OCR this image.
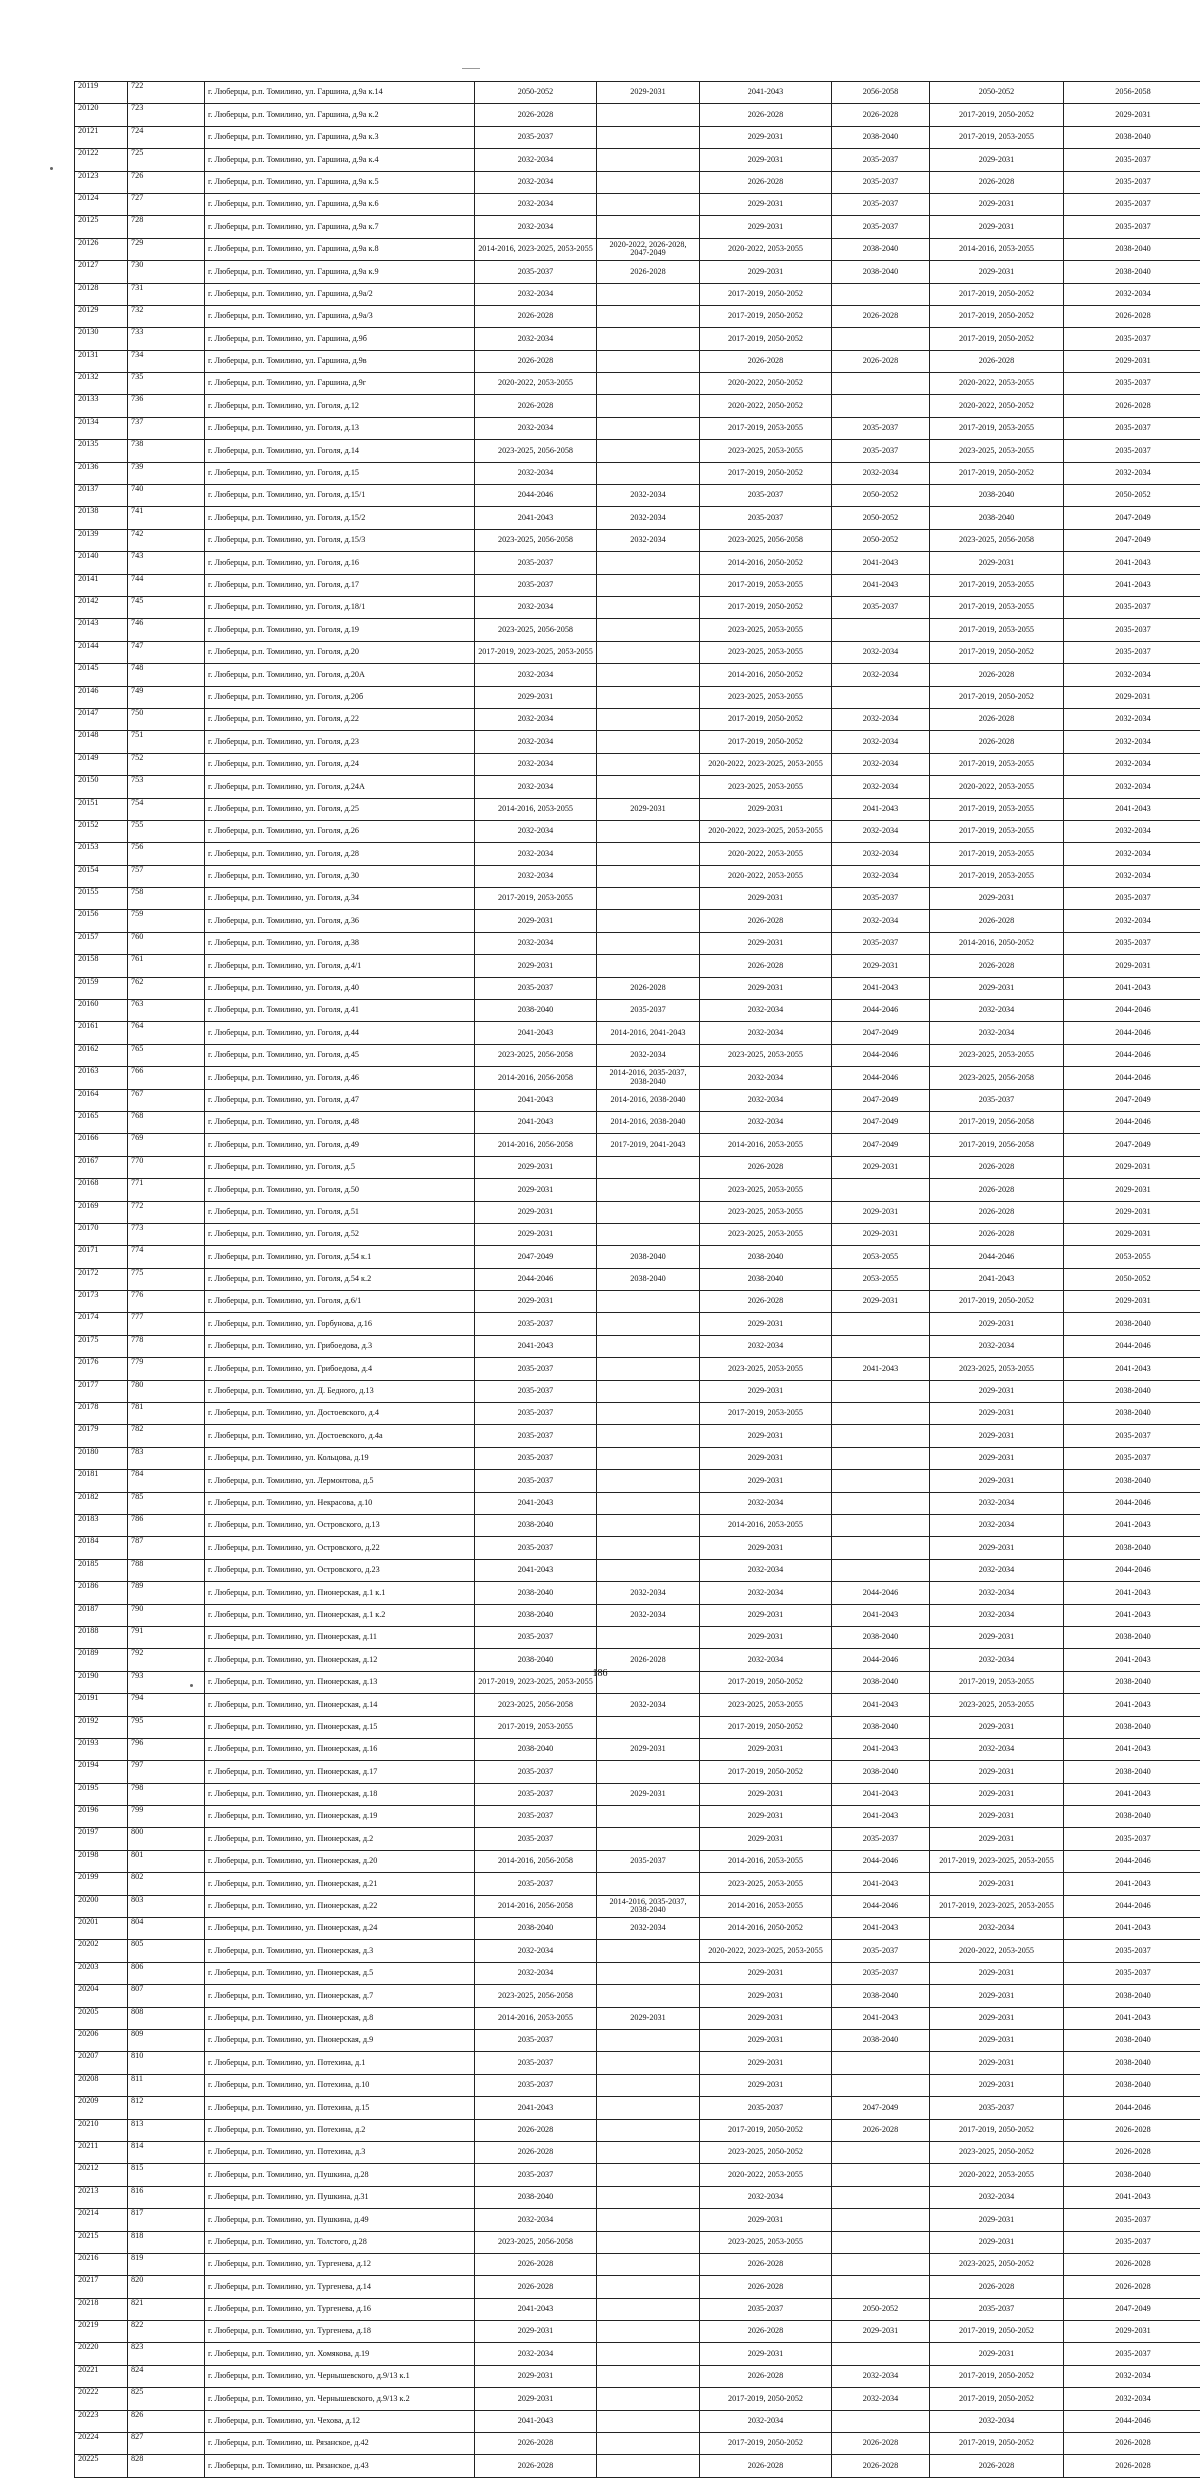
20119	722	г. Люберцы, р.п. Томилино, ул. Гаршина, д.9а к.14	2050-2052	2029-2031	2041-2043	2056-2058	2050-2052	2056-2058
20120	723	г. Люберцы, р.п. Томилино, ул. Гаршина, д.9а к.2	2026-2028		2026-2028	2026-2028	2017-2019, 2050-2052	2029-2031
20121	724	г. Люберцы, р.п. Томилино, ул. Гаршина, д.9а к.3	2035-2037		2029-2031	2038-2040	2017-2019, 2053-2055	2038-2040
20122	725	г. Люберцы, р.п. Томилино, ул. Гаршина, д.9а к.4	2032-2034		2029-2031	2035-2037	2029-2031	2035-2037
20123	726	г. Люберцы, р.п. Томилино, ул. Гаршина, д.9а к.5	2032-2034		2026-2028	2035-2037	2026-2028	2035-2037
20124	727	г. Люберцы, р.п. Томилино, ул. Гаршина, д.9а к.6	2032-2034		2029-2031	2035-2037	2029-2031	2035-2037
20125	728	г. Люберцы, р.п. Томилино, ул. Гаршина, д.9а к.7	2032-2034		2029-2031	2035-2037	2029-2031	2035-2037
20126	729	г. Люберцы, р.п. Томилино, ул. Гаршина, д.9а к.8	2014-2016, 2023-2025, 2053-2055	2020-2022, 2026-2028, 2047-2049	2020-2022, 2053-2055	2038-2040	2014-2016, 2053-2055	2038-2040
20127	730	г. Люберцы, р.п. Томилино, ул. Гаршина, д.9а к.9	2035-2037	2026-2028	2029-2031	2038-2040	2029-2031	2038-2040
20128	731	г. Люберцы, р.п. Томилино, ул. Гаршина, д.9а/2	2032-2034		2017-2019, 2050-2052		2017-2019, 2050-2052	2032-2034
20129	732	г. Люберцы, р.п. Томилино, ул. Гаршина, д.9а/3	2026-2028		2017-2019, 2050-2052	2026-2028	2017-2019, 2050-2052	2026-2028
20130	733	г. Люберцы, р.п. Томилино, ул. Гаршина, д.9б	2032-2034		2017-2019, 2050-2052		2017-2019, 2050-2052	2035-2037
20131	734	г. Люберцы, р.п. Томилино, ул. Гаршина, д.9в	2026-2028		2026-2028	2026-2028	2026-2028	2029-2031
20132	735	г. Люберцы, р.п. Томилино, ул. Гаршина, д.9г	2020-2022, 2053-2055		2020-2022, 2050-2052		2020-2022, 2053-2055	2035-2037
20133	736	г. Люберцы, р.п. Томилино, ул. Гоголя, д.12	2026-2028		2020-2022, 2050-2052		2020-2022, 2050-2052	2026-2028
20134	737	г. Люберцы, р.п. Томилино, ул. Гоголя, д.13	2032-2034		2017-2019, 2053-2055	2035-2037	2017-2019, 2053-2055	2035-2037
20135	738	г. Люберцы, р.п. Томилино, ул. Гоголя, д.14	2023-2025, 2056-2058		2023-2025, 2053-2055	2035-2037	2023-2025, 2053-2055	2035-2037
20136	739	г. Люберцы, р.п. Томилино, ул. Гоголя, д.15	2032-2034		2017-2019, 2050-2052	2032-2034	2017-2019, 2050-2052	2032-2034
20137	740	г. Люберцы, р.п. Томилино, ул. Гоголя, д.15/1	2044-2046	2032-2034	2035-2037	2050-2052	2038-2040	2050-2052
20138	741	г. Люберцы, р.п. Томилино, ул. Гоголя, д.15/2	2041-2043	2032-2034	2035-2037	2050-2052	2038-2040	2047-2049
20139	742	г. Люберцы, р.п. Томилино, ул. Гоголя, д.15/3	2023-2025, 2056-2058	2032-2034	2023-2025, 2056-2058	2050-2052	2023-2025, 2056-2058	2047-2049
20140	743	г. Люберцы, р.п. Томилино, ул. Гоголя, д.16	2035-2037		2014-2016, 2050-2052	2041-2043	2029-2031	2041-2043
20141	744	г. Люберцы, р.п. Томилино, ул. Гоголя, д.17	2035-2037		2017-2019, 2053-2055	2041-2043	2017-2019, 2053-2055	2041-2043
20142	745	г. Люберцы, р.п. Томилино, ул. Гоголя, д.18/1	2032-2034		2017-2019, 2050-2052	2035-2037	2017-2019, 2053-2055	2035-2037
20143	746	г. Люберцы, р.п. Томилино, ул. Гоголя, д.19	2023-2025, 2056-2058		2023-2025, 2053-2055		2017-2019, 2053-2055	2035-2037
20144	747	г. Люберцы, р.п. Томилино, ул. Гоголя, д.20	2017-2019, 2023-2025, 2053-2055		2023-2025, 2053-2055	2032-2034	2017-2019, 2050-2052	2035-2037
20145	748	г. Люберцы, р.п. Томилино, ул. Гоголя, д.20А	2032-2034		2014-2016, 2050-2052	2032-2034	2026-2028	2032-2034
20146	749	г. Люберцы, р.п. Томилино, ул. Гоголя, д.20б	2029-2031		2023-2025, 2053-2055		2017-2019, 2050-2052	2029-2031
20147	750	г. Люберцы, р.п. Томилино, ул. Гоголя, д.22	2032-2034		2017-2019, 2050-2052	2032-2034	2026-2028	2032-2034
20148	751	г. Люберцы, р.п. Томилино, ул. Гоголя, д.23	2032-2034		2017-2019, 2050-2052	2032-2034	2026-2028	2032-2034
20149	752	г. Люберцы, р.п. Томилино, ул. Гоголя, д.24	2032-2034		2020-2022, 2023-2025, 2053-2055	2032-2034	2017-2019, 2053-2055	2032-2034
20150	753	г. Люберцы, р.п. Томилино, ул. Гоголя, д.24А	2032-2034		2023-2025, 2053-2055	2032-2034	2020-2022, 2053-2055	2032-2034
20151	754	г. Люберцы, р.п. Томилино, ул. Гоголя, д.25	2014-2016, 2053-2055	2029-2031	2029-2031	2041-2043	2017-2019, 2053-2055	2041-2043
20152	755	г. Люберцы, р.п. Томилино, ул. Гоголя, д.26	2032-2034		2020-2022, 2023-2025, 2053-2055	2032-2034	2017-2019, 2053-2055	2032-2034
20153	756	г. Люберцы, р.п. Томилино, ул. Гоголя, д.28	2032-2034		2020-2022, 2053-2055	2032-2034	2017-2019, 2053-2055	2032-2034
20154	757	г. Люберцы, р.п. Томилино, ул. Гоголя, д.30	2032-2034		2020-2022, 2053-2055	2032-2034	2017-2019, 2053-2055	2032-2034
20155	758	г. Люберцы, р.п. Томилино, ул. Гоголя, д.34	2017-2019, 2053-2055		2029-2031	2035-2037	2029-2031	2035-2037
20156	759	г. Люберцы, р.п. Томилино, ул. Гоголя, д.36	2029-2031		2026-2028	2032-2034	2026-2028	2032-2034
20157	760	г. Люберцы, р.п. Томилино, ул. Гоголя, д.38	2032-2034		2029-2031	2035-2037	2014-2016, 2050-2052	2035-2037
20158	761	г. Люберцы, р.п. Томилино, ул. Гоголя, д.4/1	2029-2031		2026-2028	2029-2031	2026-2028	2029-2031
20159	762	г. Люберцы, р.п. Томилино, ул. Гоголя, д.40	2035-2037	2026-2028	2029-2031	2041-2043	2029-2031	2041-2043
20160	763	г. Люберцы, р.п. Томилино, ул. Гоголя, д.41	2038-2040	2035-2037	2032-2034	2044-2046	2032-2034	2044-2046
20161	764	г. Люберцы, р.п. Томилино, ул. Гоголя, д.44	2041-2043	2014-2016, 2041-2043	2032-2034	2047-2049	2032-2034	2044-2046
20162	765	г. Люберцы, р.п. Томилино, ул. Гоголя, д.45	2023-2025, 2056-2058	2032-2034	2023-2025, 2053-2055	2044-2046	2023-2025, 2053-2055	2044-2046
20163	766	г. Люберцы, р.п. Томилино, ул. Гоголя, д.46	2014-2016, 2056-2058	2014-2016, 2035-2037, 2038-2040	2032-2034	2044-2046	2023-2025, 2056-2058	2044-2046
20164	767	г. Люберцы, р.п. Томилино, ул. Гоголя, д.47	2041-2043	2014-2016, 2038-2040	2032-2034	2047-2049	2035-2037	2047-2049
20165	768	г. Люберцы, р.п. Томилино, ул. Гоголя, д.48	2041-2043	2014-2016, 2038-2040	2032-2034	2047-2049	2017-2019, 2056-2058	2044-2046
20166	769	г. Люберцы, р.п. Томилино, ул. Гоголя, д.49	2014-2016, 2056-2058	2017-2019, 2041-2043	2014-2016, 2053-2055	2047-2049	2017-2019, 2056-2058	2047-2049
20167	770	г. Люберцы, р.п. Томилино, ул. Гоголя, д.5	2029-2031		2026-2028	2029-2031	2026-2028	2029-2031
20168	771	г. Люберцы, р.п. Томилино, ул. Гоголя, д.50	2029-2031		2023-2025, 2053-2055		2026-2028	2029-2031
20169	772	г. Люберцы, р.п. Томилино, ул. Гоголя, д.51	2029-2031		2023-2025, 2053-2055	2029-2031	2026-2028	2029-2031
20170	773	г. Люберцы, р.п. Томилино, ул. Гоголя, д.52	2029-2031		2023-2025, 2053-2055	2029-2031	2026-2028	2029-2031
20171	774	г. Люберцы, р.п. Томилино, ул. Гоголя, д.54 к.1	2047-2049	2038-2040	2038-2040	2053-2055	2044-2046	2053-2055
20172	775	г. Люберцы, р.п. Томилино, ул. Гоголя, д.54 к.2	2044-2046	2038-2040	2038-2040	2053-2055	2041-2043	2050-2052
20173	776	г. Люберцы, р.п. Томилино, ул. Гоголя, д.6/1	2029-2031		2026-2028	2029-2031	2017-2019, 2050-2052	2029-2031
20174	777	г. Люберцы, р.п. Томилино, ул. Горбунова, д.16	2035-2037		2029-2031		2029-2031	2038-2040
20175	778	г. Люберцы, р.п. Томилино, ул. Грибоедова, д.3	2041-2043		2032-2034		2032-2034	2044-2046
20176	779	г. Люберцы, р.п. Томилино, ул. Грибоедова, д.4	2035-2037		2023-2025, 2053-2055	2041-2043	2023-2025, 2053-2055	2041-2043
20177	780	г. Люберцы, р.п. Томилино, ул. Д. Бедного, д.13	2035-2037		2029-2031		2029-2031	2038-2040
20178	781	г. Люберцы, р.п. Томилино, ул. Достоевского, д.4	2035-2037		2017-2019, 2053-2055		2029-2031	2038-2040
20179	782	г. Люберцы, р.п. Томилино, ул. Достоевского, д.4а	2035-2037		2029-2031		2029-2031	2035-2037
20180	783	г. Люберцы, р.п. Томилино, ул. Кольцова, д.19	2035-2037		2029-2031		2029-2031	2035-2037
20181	784	г. Люберцы, р.п. Томилино, ул. Лермонтова, д.5	2035-2037		2029-2031		2029-2031	2038-2040
20182	785	г. Люберцы, р.п. Томилино, ул. Некрасова, д.10	2041-2043		2032-2034		2032-2034	2044-2046
20183	786	г. Люберцы, р.п. Томилино, ул. Островского, д.13	2038-2040		2014-2016, 2053-2055		2032-2034	2041-2043
20184	787	г. Люберцы, р.п. Томилино, ул. Островского, д.22	2035-2037		2029-2031		2029-2031	2038-2040
20185	788	г. Люберцы, р.п. Томилино, ул. Островского, д.23	2041-2043		2032-2034		2032-2034	2044-2046
20186	789	г. Люберцы, р.п. Томилино, ул. Пионерская, д.1 к.1	2038-2040	2032-2034	2032-2034	2044-2046	2032-2034	2041-2043
20187	790	г. Люберцы, р.п. Томилино, ул. Пионерская, д.1 к.2	2038-2040	2032-2034	2029-2031	2041-2043	2032-2034	2041-2043
20188	791	г. Люберцы, р.п. Томилино, ул. Пионерская, д.11	2035-2037		2029-2031	2038-2040	2029-2031	2038-2040
20189	792	г. Люберцы, р.п. Томилино, ул. Пионерская, д.12	2038-2040	2026-2028	2032-2034	2044-2046	2032-2034	2041-2043
20190	793	г. Люберцы, р.п. Томилино, ул. Пионерская, д.13	2017-2019, 2023-2025, 2053-2055		2017-2019, 2050-2052	2038-2040	2017-2019, 2053-2055	2038-2040
20191	794	г. Люберцы, р.п. Томилино, ул. Пионерская, д.14	2023-2025, 2056-2058	2032-2034	2023-2025, 2053-2055	2041-2043	2023-2025, 2053-2055	2041-2043
20192	795	г. Люберцы, р.п. Томилино, ул. Пионерская, д.15	2017-2019, 2053-2055		2017-2019, 2050-2052	2038-2040	2029-2031	2038-2040
20193	796	г. Люберцы, р.п. Томилино, ул. Пионерская, д.16	2038-2040	2029-2031	2029-2031	2041-2043	2032-2034	2041-2043
20194	797	г. Люберцы, р.п. Томилино, ул. Пионерская, д.17	2035-2037		2017-2019, 2050-2052	2038-2040	2029-2031	2038-2040
20195	798	г. Люберцы, р.п. Томилино, ул. Пионерская, д.18	2035-2037	2029-2031	2029-2031	2041-2043	2029-2031	2041-2043
20196	799	г. Люберцы, р.п. Томилино, ул. Пионерская, д.19	2035-2037		2029-2031	2041-2043	2029-2031	2038-2040
20197	800	г. Люберцы, р.п. Томилино, ул. Пионерская, д.2	2035-2037		2029-2031	2035-2037	2029-2031	2035-2037
20198	801	г. Люберцы, р.п. Томилино, ул. Пионерская, д.20	2014-2016, 2056-2058	2035-2037	2014-2016, 2053-2055	2044-2046	2017-2019, 2023-2025, 2053-2055	2044-2046
20199	802	г. Люберцы, р.п. Томилино, ул. Пионерская, д.21	2035-2037		2023-2025, 2053-2055	2041-2043	2029-2031	2041-2043
20200	803	г. Люберцы, р.п. Томилино, ул. Пионерская, д.22	2014-2016, 2056-2058	2014-2016, 2035-2037, 2038-2040	2014-2016, 2053-2055	2044-2046	2017-2019, 2023-2025, 2053-2055	2044-2046
20201	804	г. Люберцы, р.п. Томилино, ул. Пионерская, д.24	2038-2040	2032-2034	2014-2016, 2050-2052	2041-2043	2032-2034	2041-2043
20202	805	г. Люберцы, р.п. Томилино, ул. Пионерская, д.3	2032-2034		2020-2022, 2023-2025, 2053-2055	2035-2037	2020-2022, 2053-2055	2035-2037
20203	806	г. Люберцы, р.п. Томилино, ул. Пионерская, д.5	2032-2034		2029-2031	2035-2037	2029-2031	2035-2037
20204	807	г. Люберцы, р.п. Томилино, ул. Пионерская, д.7	2023-2025, 2056-2058		2029-2031	2038-2040	2029-2031	2038-2040
20205	808	г. Люберцы, р.п. Томилино, ул. Пионерская, д.8	2014-2016, 2053-2055	2029-2031	2029-2031	2041-2043	2029-2031	2041-2043
20206	809	г. Люберцы, р.п. Томилино, ул. Пионерская, д.9	2035-2037		2029-2031	2038-2040	2029-2031	2038-2040
20207	810	г. Люберцы, р.п. Томилино, ул. Потехина, д.1	2035-2037		2029-2031		2029-2031	2038-2040
20208	811	г. Люберцы, р.п. Томилино, ул. Потехина, д.10	2035-2037		2029-2031		2029-2031	2038-2040
20209	812	г. Люберцы, р.п. Томилино, ул. Потехина, д.15	2041-2043		2035-2037	2047-2049	2035-2037	2044-2046
20210	813	г. Люберцы, р.п. Томилино, ул. Потехина, д.2	2026-2028		2017-2019, 2050-2052	2026-2028	2017-2019, 2050-2052	2026-2028
20211	814	г. Люберцы, р.п. Томилино, ул. Потехина, д.3	2026-2028		2023-2025, 2050-2052		2023-2025, 2050-2052	2026-2028
20212	815	г. Люберцы, р.п. Томилино, ул. Пушкина, д.28	2035-2037		2020-2022, 2053-2055		2020-2022, 2053-2055	2038-2040
20213	816	г. Люберцы, р.п. Томилино, ул. Пушкина, д.31	2038-2040		2032-2034		2032-2034	2041-2043
20214	817	г. Люберцы, р.п. Томилино, ул. Пушкина, д.49	2032-2034		2029-2031		2029-2031	2035-2037
20215	818	г. Люберцы, р.п. Томилино, ул. Толстого, д.28	2023-2025, 2056-2058		2023-2025, 2053-2055		2029-2031	2035-2037
20216	819	г. Люберцы, р.п. Томилино, ул. Тургенева, д.12	2026-2028		2026-2028		2023-2025, 2050-2052	2026-2028
20217	820	г. Люберцы, р.п. Томилино, ул. Тургенева, д.14	2026-2028		2026-2028		2026-2028	2026-2028
20218	821	г. Люберцы, р.п. Томилино, ул. Тургенева, д.16	2041-2043		2035-2037	2050-2052	2035-2037	2047-2049
20219	822	г. Люберцы, р.п. Томилино, ул. Тургенева, д.18	2029-2031		2026-2028	2029-2031	2017-2019, 2050-2052	2029-2031
20220	823	г. Люберцы, р.п. Томилино, ул. Хомякова, д.19	2032-2034		2029-2031		2029-2031	2035-2037
20221	824	г. Люберцы, р.п. Томилино, ул. Чернышевского, д.9/13 к.1	2029-2031		2026-2028	2032-2034	2017-2019, 2050-2052	2032-2034
20222	825	г. Люберцы, р.п. Томилино, ул. Чернышевского, д.9/13 к.2	2029-2031		2017-2019, 2050-2052	2032-2034	2017-2019, 2050-2052	2032-2034
20223	826	г. Люберцы, р.п. Томилино, ул. Чехова, д.12	2041-2043		2032-2034		2032-2034	2044-2046
20224	827	г. Люберцы, р.п. Томилино, ш. Рязанское, д.42	2026-2028		2017-2019, 2050-2052	2026-2028	2017-2019, 2050-2052	2026-2028
20225	828	г. Люберцы, р.п. Томилино, ш. Рязанское, д.43	2026-2028		2026-2028	2026-2028	2026-2028	2026-2028
186
